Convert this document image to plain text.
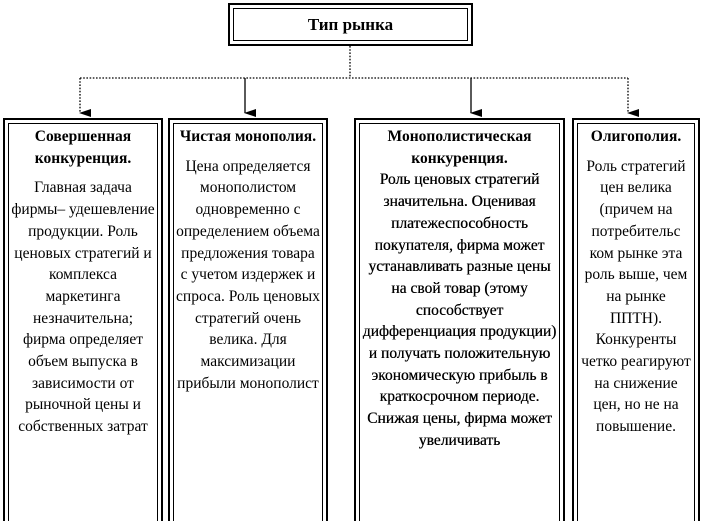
Тип рынка
Совершенная конкуренция.
Главная задача фирмы– удешевление продукции. Роль ценовых стратегий и комплекса маркетинга незначительна; фирма определяет объем выпуска в зависимости от рыночной цены и собственных затрат
Чистая монополия.
Цена определяется монополистом одновременно с определением объема предложения товара с учетом издержек и спроса. Роль ценовых стратегий очень велика. Для максимизации прибыли монополист
Монополистическая конкуренция.
Роль ценовых стратегий значительна. Оценивая платежеспособность покупателя, фирма может устанавливать разные цены на свой товар (этому способствует дифференциация продукции) и получать положительную экономическую прибыль в краткосрочном периоде. Снижая цены, фирма может увеличивать
Олигополия.
Роль стратегий цен велика (причем на потребительс ком рынке эта роль выше, чем на рынке ППТН). Конкуренты четко реагируют на снижение цен, но не на повышение.
